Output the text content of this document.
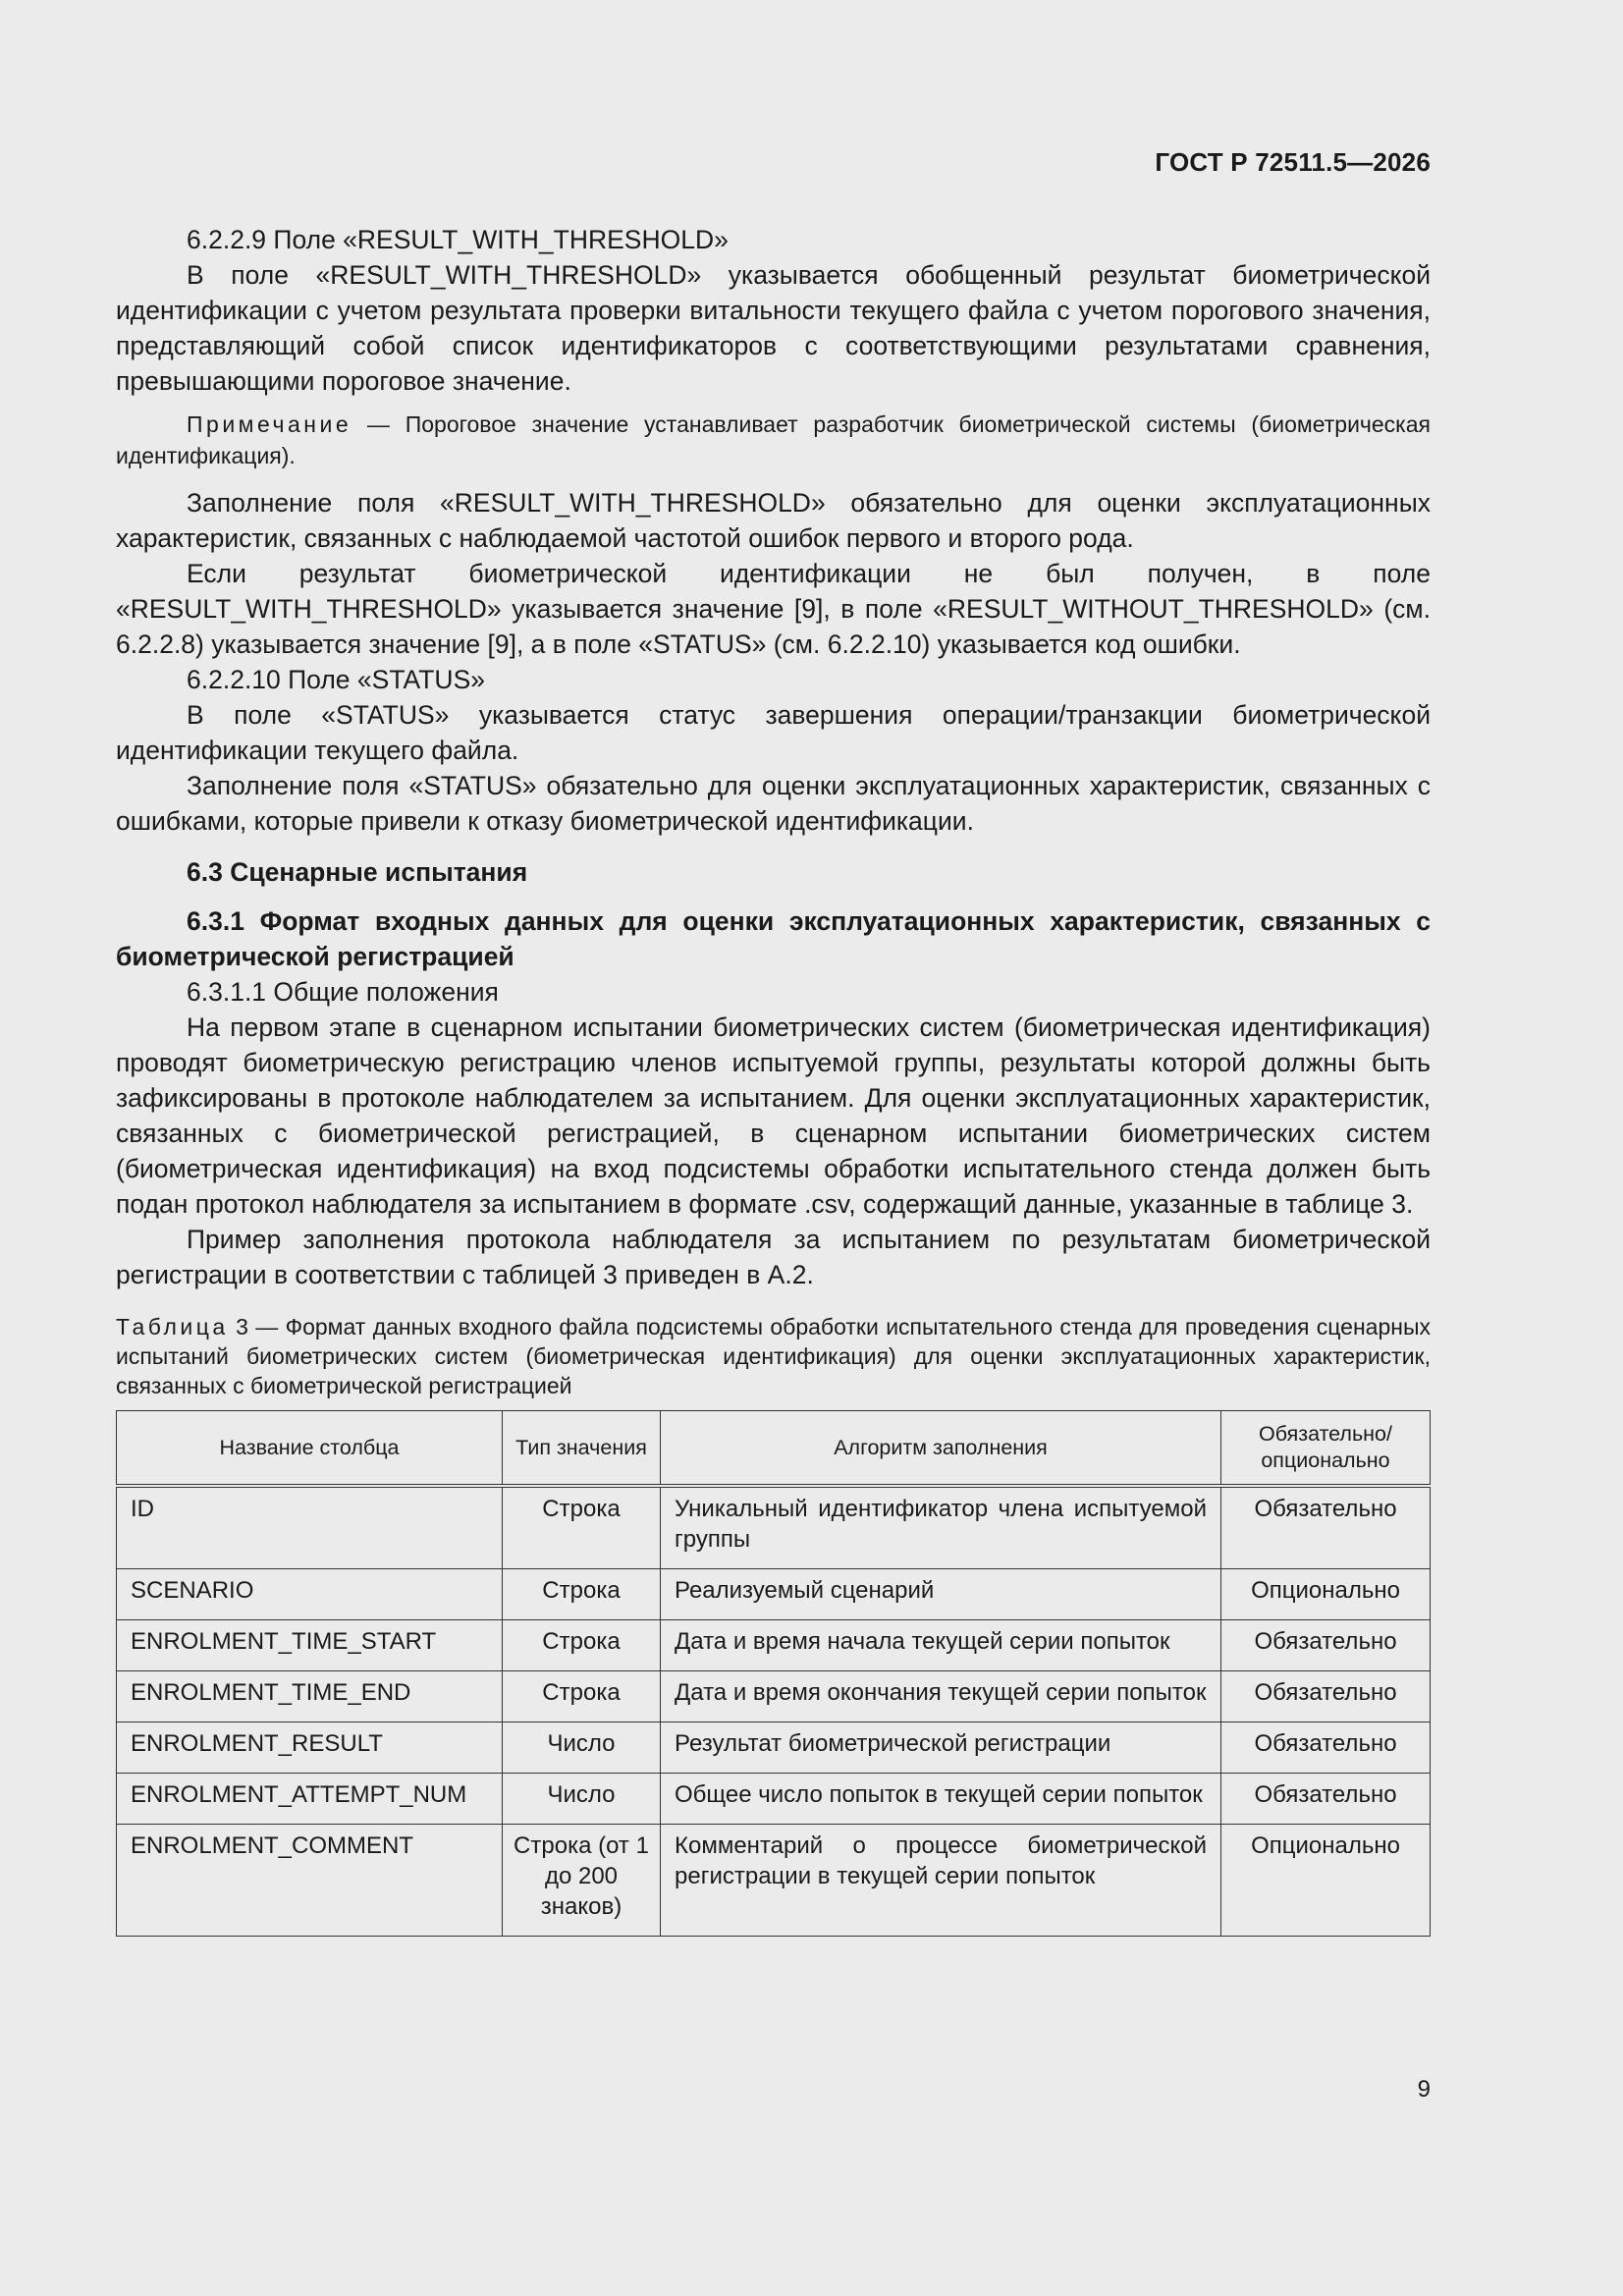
ГОСТ Р 72511.5—2026

6.2.2.9 Поле «RESULT_WITH_THRESHOLD»

В поле «RESULT_WITH_THRESHOLD» указывается обобщенный результат биометрической идентификации с учетом результата проверки витальности текущего файла с учетом порогового значения, представляющий собой список идентификаторов с соответствующими результатами сравнения, превышающими пороговое значение.

Примечание — Пороговое значение устанавливает разработчик биометрической системы (биометрическая идентификация).

Заполнение поля «RESULT_WITH_THRESHOLD» обязательно для оценки эксплуатационных характеристик, связанных с наблюдаемой частотой ошибок первого и второго рода.

Если результат биометрической идентификации не был получен, в поле «RESULT_WITH_THRESHOLD» указывается значение [9], в поле «RESULT_WITHOUT_THRESHOLD» (см. 6.2.2.8) указывается значение [9], а в поле «STATUS» (см. 6.2.2.10) указывается код ошибки.

6.2.2.10 Поле «STATUS»

В поле «STATUS» указывается статус завершения операции/транзакции биометрической идентификации текущего файла.

Заполнение поля «STATUS» обязательно для оценки эксплуатационных характеристик, связанных с ошибками, которые привели к отказу биометрической идентификации.

6.3 Сценарные испытания

6.3.1 Формат входных данных для оценки эксплуатационных характеристик, связанных с биометрической регистрацией

6.3.1.1 Общие положения

На первом этапе в сценарном испытании биометрических систем (биометрическая идентификация) проводят биометрическую регистрацию членов испытуемой группы, результаты которой должны быть зафиксированы в протоколе наблюдателем за испытанием. Для оценки эксплуатационных характеристик, связанных с биометрической регистрацией, в сценарном испытании биометрических систем (биометрическая идентификация) на вход подсистемы обработки испытательного стенда должен быть подан протокол наблюдателя за испытанием в формате .csv, содержащий данные, указанные в таблице 3.

Пример заполнения протокола наблюдателя за испытанием по результатам биометрической регистрации в соответствии с таблицей 3 приведен в А.2.

Таблица 3 — Формат данных входного файла подсистемы обработки испытательного стенда для проведения сценарных испытаний биометрических систем (биометрическая идентификация) для оценки эксплуатационных характеристик, связанных с биометрической регистрацией

Название столбца	Тип значения	Алгоритм заполнения	Обязательно/ опционально
ID	Строка	Уникальный идентификатор члена испытуемой группы	Обязательно
SCENARIO	Строка	Реализуемый сценарий	Опционально
ENROLMENT_TIME_START	Строка	Дата и время начала текущей серии попыток	Обязательно
ENROLMENT_TIME_END	Строка	Дата и время окончания текущей серии попыток	Обязательно
ENROLMENT_RESULT	Число	Результат биометрической регистрации	Обязательно
ENROLMENT_ATTEMPT_NUM	Число	Общее число попыток в текущей серии попыток	Обязательно
ENROLMENT_COMMENT	Строка (от 1 до 200 знаков)	Комментарий о процессе биометрической регистрации в текущей серии попыток	Опционально
9
